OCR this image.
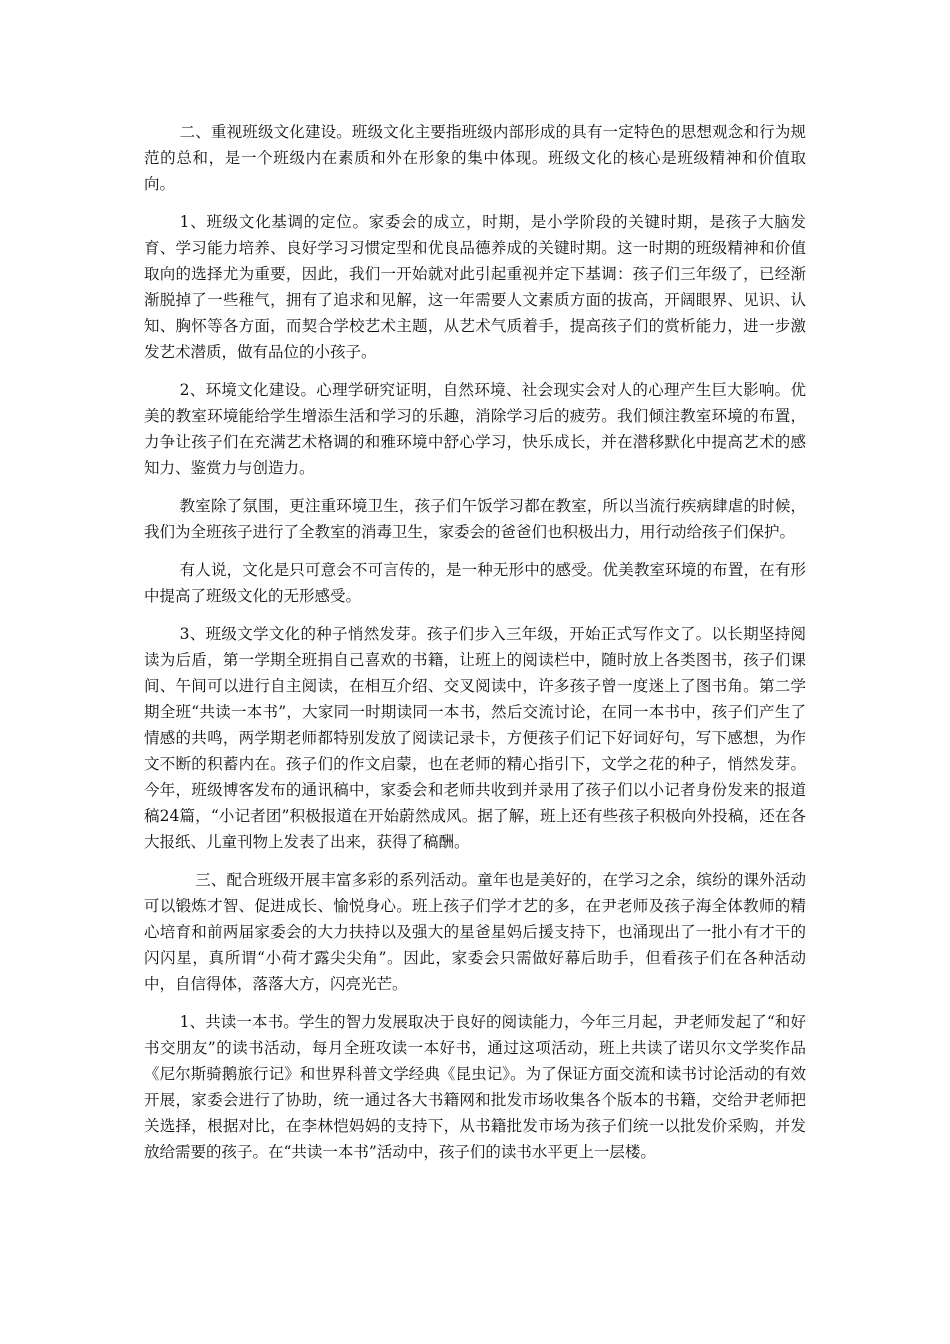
二、重视班级文化建设。班级文化主要指班级内部形成的具有一定特色的思想观念和行为规范的总和，是一个班级内在素质和外在形象的集中体现。班级文化的核心是班级精神和价值取向。

1、班级文化基调的定位。家委会的成立，时期，是小学阶段的关键时期，是孩子大脑发育、学习能力培养、良好学习习惯定型和优良品德养成的关键时期。这一时期的班级精神和价值取向的选择尤为重要，因此，我们一开始就对此引起重视并定下基调：孩子们三年级了，已经渐渐脱掉了一些稚气，拥有了追求和见解，这一年需要人文素质方面的拔高，开阔眼界、见识、认知、胸怀等各方面，而契合学校艺术主题，从艺术气质着手，提高孩子们的赏析能力，进一步激发艺术潜质，做有品位的小孩子。

2、环境文化建设。心理学研究证明，自然环境、社会现实会对人的心理产生巨大影响。优美的教室环境能给学生增添生活和学习的乐趣，消除学习后的疲劳。我们倾注教室环境的布置，力争让孩子们在充满艺术格调的和雅环境中舒心学习，快乐成长，并在潜移默化中提高艺术的感知力、鉴赏力与创造力。

教室除了氛围，更注重环境卫生，孩子们午饭学习都在教室，所以当流行疾病肆虐的时候，我们为全班孩子进行了全教室的消毒卫生，家委会的爸爸们也积极出力，用行动给孩子们保护。

有人说，文化是只可意会不可言传的，是一种无形中的感受。优美教室环境的布置，在有形中提高了班级文化的无形感受。

3、班级文学文化的种子悄然发芽。孩子们步入三年级，开始正式写作文了。以长期坚持阅读为后盾，第一学期全班捐自己喜欢的书籍，让班上的阅读栏中，随时放上各类图书，孩子们课间、午间可以进行自主阅读，在相互介绍、交叉阅读中，许多孩子曾一度迷上了图书角。第二学期全班“共读一本书”，大家同一时期读同一本书，然后交流讨论，在同一本书中，孩子们产生了情感的共鸣，两学期老师都特别发放了阅读记录卡，方便孩子们记下好词好句，写下感想，为作文不断的积蓄内在。孩子们的作文启蒙，也在老师的精心指引下，文学之花的种子，悄然发芽。今年，班级博客发布的通讯稿中，家委会和老师共收到并录用了孩子们以小记者身份发来的报道稿24篇，“小记者团”积极报道在开始蔚然成风。据了解，班上还有些孩子积极向外投稿，还在各大报纸、儿童刊物上发表了出来，获得了稿酬。

三、配合班级开展丰富多彩的系列活动。童年也是美好的，在学习之余，缤纷的课外活动可以锻炼才智、促进成长、愉悦身心。班上孩子们学才艺的多，在尹老师及孩子海全体教师的精心培育和前两届家委会的大力扶持以及强大的星爸星妈后援支持下，也涌现出了一批小有才干的闪闪星，真所谓“小荷才露尖尖角”。因此，家委会只需做好幕后助手，但看孩子们在各种活动中，自信得体，落落大方，闪亮光芒。

1、共读一本书。学生的智力发展取决于良好的阅读能力，今年三月起，尹老师发起了“和好书交朋友”的读书活动，每月全班攻读一本好书，通过这项活动，班上共读了诺贝尔文学奖作品《尼尔斯骑鹅旅行记》和世界科普文学经典《昆虫记》。为了保证方面交流和读书讨论活动的有效开展，家委会进行了协助，统一通过各大书籍网和批发市场收集各个版本的书籍，交给尹老师把关选择，根据对比，在李林恺妈妈的支持下，从书籍批发市场为孩子们统一以批发价采购，并发放给需要的孩子。在“共读一本书”活动中，孩子们的读书水平更上一层楼。
